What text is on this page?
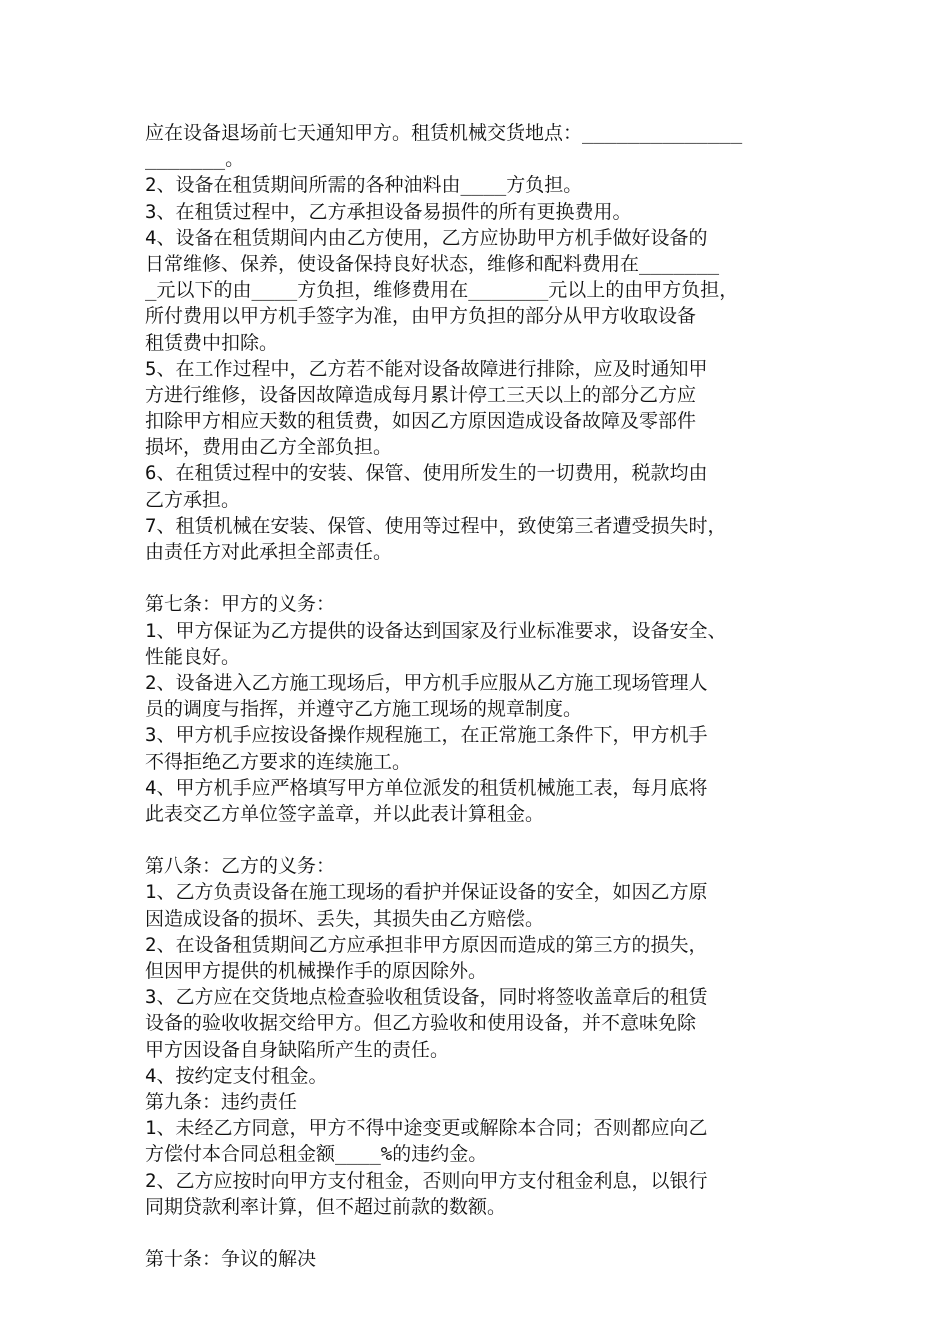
应在设备退场前七天通知甲方。租赁机械交货地点：______________
_______。
2、设备在租赁期间所需的各种油料由____方负担。
3、在租赁过程中，乙方承担设备易损件的所有更换费用。
4、设备在租赁期间内由乙方使用，乙方应协助甲方机手做好设备的
日常维修、保养，使设备保持良好状态，维修和配料费用在_______
_元以下的由____方负担，维修费用在_______元以上的由甲方负担，
所付费用以甲方机手签字为准，由甲方负担的部分从甲方收取设备
租赁费中扣除。
5、在工作过程中，乙方若不能对设备故障进行排除，应及时通知甲
方进行维修，设备因故障造成每月累计停工三天以上的部分乙方应
扣除甲方相应天数的租赁费，如因乙方原因造成设备故障及零部件
损坏，费用由乙方全部负担。
6、在租赁过程中的安装、保管、使用所发生的一切费用，税款均由
乙方承担。
7、租赁机械在安装、保管、使用等过程中，致使第三者遭受损失时，
由责任方对此承担全部责任。
第七条：甲方的义务：
1、甲方保证为乙方提供的设备达到国家及行业标准要求，设备安全、
性能良好。
2、设备进入乙方施工现场后，甲方机手应服从乙方施工现场管理人
员的调度与指挥，并遵守乙方施工现场的规章制度。
3、甲方机手应按设备操作规程施工，在正常施工条件下，甲方机手
不得拒绝乙方要求的连续施工。
4、甲方机手应严格填写甲方单位派发的租赁机械施工表，每月底将
此表交乙方单位签字盖章，并以此表计算租金。
第八条：乙方的义务：
1、乙方负责设备在施工现场的看护并保证设备的安全，如因乙方原
因造成设备的损坏、丢失，其损失由乙方赔偿。
2、在设备租赁期间乙方应承担非甲方原因而造成的第三方的损失，
但因甲方提供的机械操作手的原因除外。
3、乙方应在交货地点检查验收租赁设备，同时将签收盖章后的租赁
设备的验收收据交给甲方。但乙方验收和使用设备，并不意味免除
甲方因设备自身缺陷所产生的责任。
4、按约定支付租金。
第九条：违约责任
1、未经乙方同意，甲方不得中途变更或解除本合同；否则都应向乙
方偿付本合同总租金额____%的违约金。
2、乙方应按时向甲方支付租金，否则向甲方支付租金利息，以银行
同期贷款利率计算，但不超过前款的数额。
第十条：争议的解决
